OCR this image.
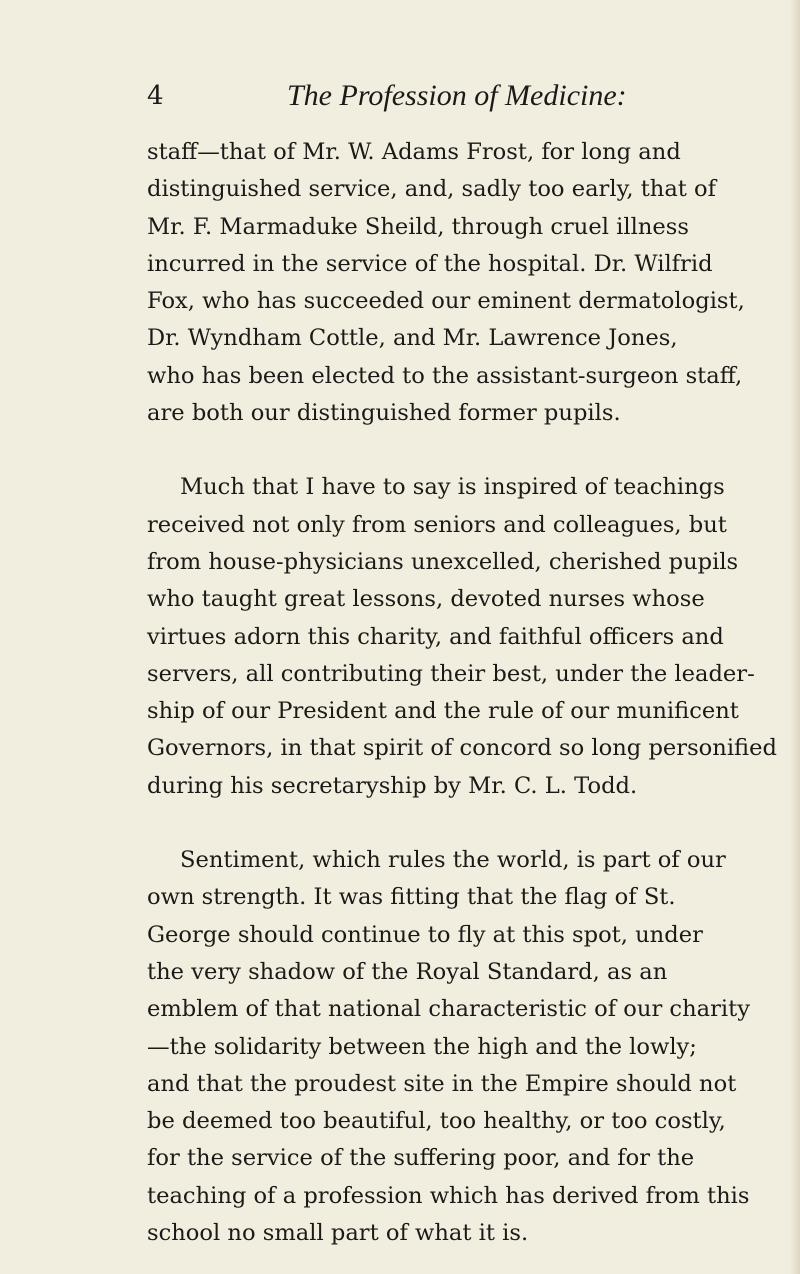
4	The Profession of Medicine:

staff—that of Mr. W. Adams Frost, for long and
distinguished service, and, sadly too early, that of
Mr. F. Marmaduke Sheild, through cruel illness
incurred in the service of the hospital. Dr. Wilfrid
Fox, who has succeeded our eminent dermatologist,
Dr. Wyndham Cottle, and Mr. Lawrence Jones,
who has been elected to the assistant-surgeon staff,
are both our distinguished former pupils.

Much that I have to say is inspired of teachings
received not only from seniors and colleagues, but
from house-physicians unexcelled, cherished pupils
who taught great lessons, devoted nurses whose
virtues adorn this charity, and faithful officers and
servers, all contributing their best, under the leader-
ship of our President and the rule of our munificent
Governors, in that spirit of concord so long personified
during his secretaryship by Mr. C. L. Todd.

Sentiment, which rules the world, is part of our
own strength. It was fitting that the flag of St.
George should continue to fly at this spot, under
the very shadow of the Royal Standard, as an
emblem of that national characteristic of our charity
—the solidarity between the high and the lowly;
and that the proudest site in the Empire should not
be deemed too beautiful, too healthy, or too costly,
for the service of the suffering poor, and for the
teaching of a profession which has derived from this
school no small part of what it is.
